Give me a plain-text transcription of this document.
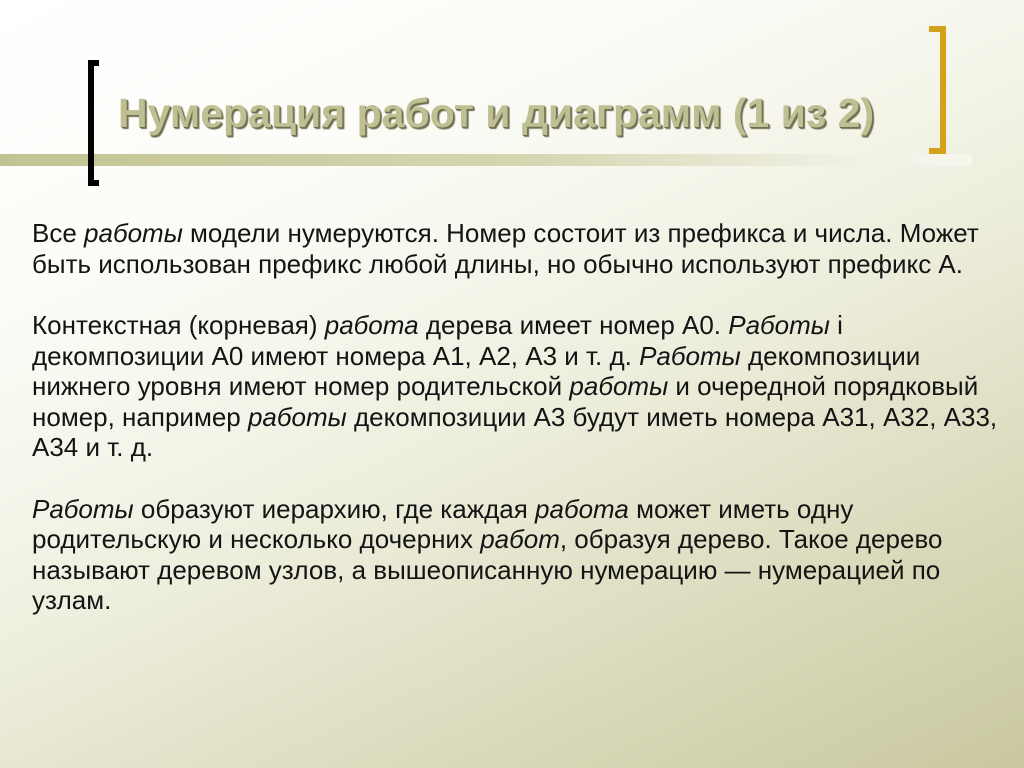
Нумерация работ и диаграмм (1 из 2)

Все работы модели нумеруются. Номер состоит из префикса и числа. Может быть использован префикс любой длины, но обычно используют префикс А.

Контекстная (корневая) работа дерева имеет номер А0. Работы і декомпозиции А0 имеют номера А1, А2, А3 и т. д. Работы декомпозиции нижнего уровня имеют номер родительской работы и очередной порядковый номер, например работы декомпозиции А3 будут иметь номера А31, А32, А33, А34 и т. д.

Работы образуют иерархию, где каждая работа может иметь одну родительскую и несколько дочерних работ, образуя дерево. Такое дерево называют деревом узлов, а вышеописанную нумерацию — нумерацией по узлам.
